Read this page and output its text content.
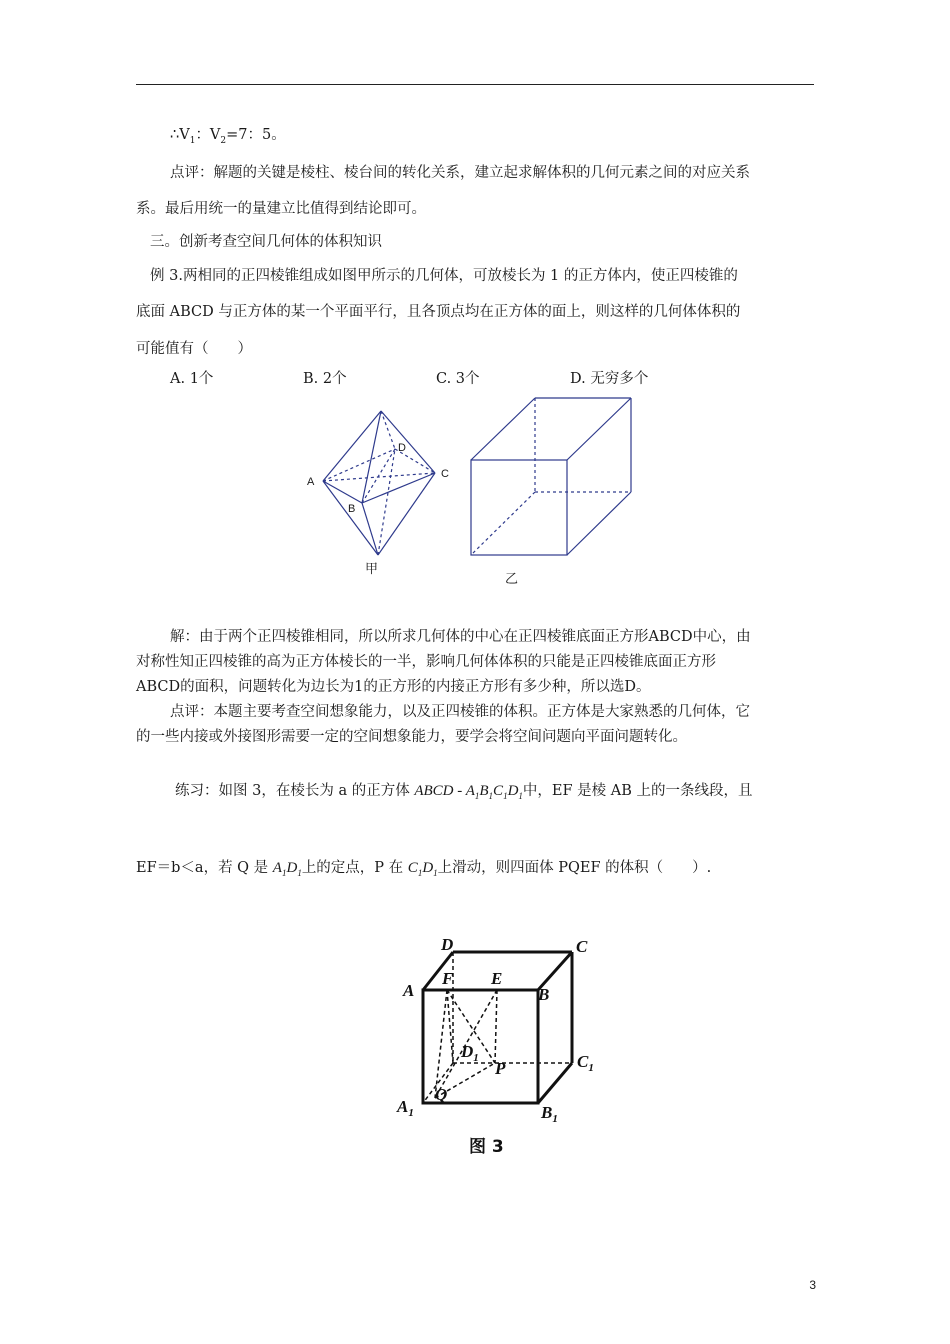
$\therefore V_1$：$V_2=7$：5。
点评：解题的关键是棱柱、棱台间的转化关系，建立起求解体积的几何元素之间的对应关系
系。最后用统一的量建立比值得到结论即可。
三。创新考查空间几何体的体积知识
例 3.两相同的正四棱锥组成如图甲所示的几何体，可放棱长为 1 的正方体内，使正四棱锥的
底面 ABCD 与正方体的某一个平面平行，且各顶点均在正方体的面上，则这样的几何体体积的
可能值有（　　）
A. 1个	B. 2个	C. 3个	D. 无穷多个
A
B
C
D
甲
乙
解：由于两个正四棱锥相同，所以所求几何体的中心在正四棱锥底面正方形ABCD中心，由
对称性知正四棱锥的高为正方体棱长的一半，影响几何体体积的只能是正四棱锥底面正方形
ABCD的面积，问题转化为边长为1的正方形的内接正方形有多少种，所以选D。
点评：本题主要考查空间想象能力，以及正四棱锥的体积。正方体是大家熟悉的几何体，它
的一些内接或外接图形需要一定的空间想象能力，要学会将空间问题向平面问题转化。
练习：如图 3，在棱长为 a 的正方体 ABCD - $A_1B_1C_1D_1$中，EF 是棱 AB 上的一条线段，且
EF＝b＜a，若 Q 是 $A_1D_1$上的定点，P 在 $C_1D_1$上滑动，则四面体 PQEF 的体积（　　）.
D	C
A
F E
B
$D_1$
P	$C_1$
Q
$A_1$	$B_1$
图 3
3
